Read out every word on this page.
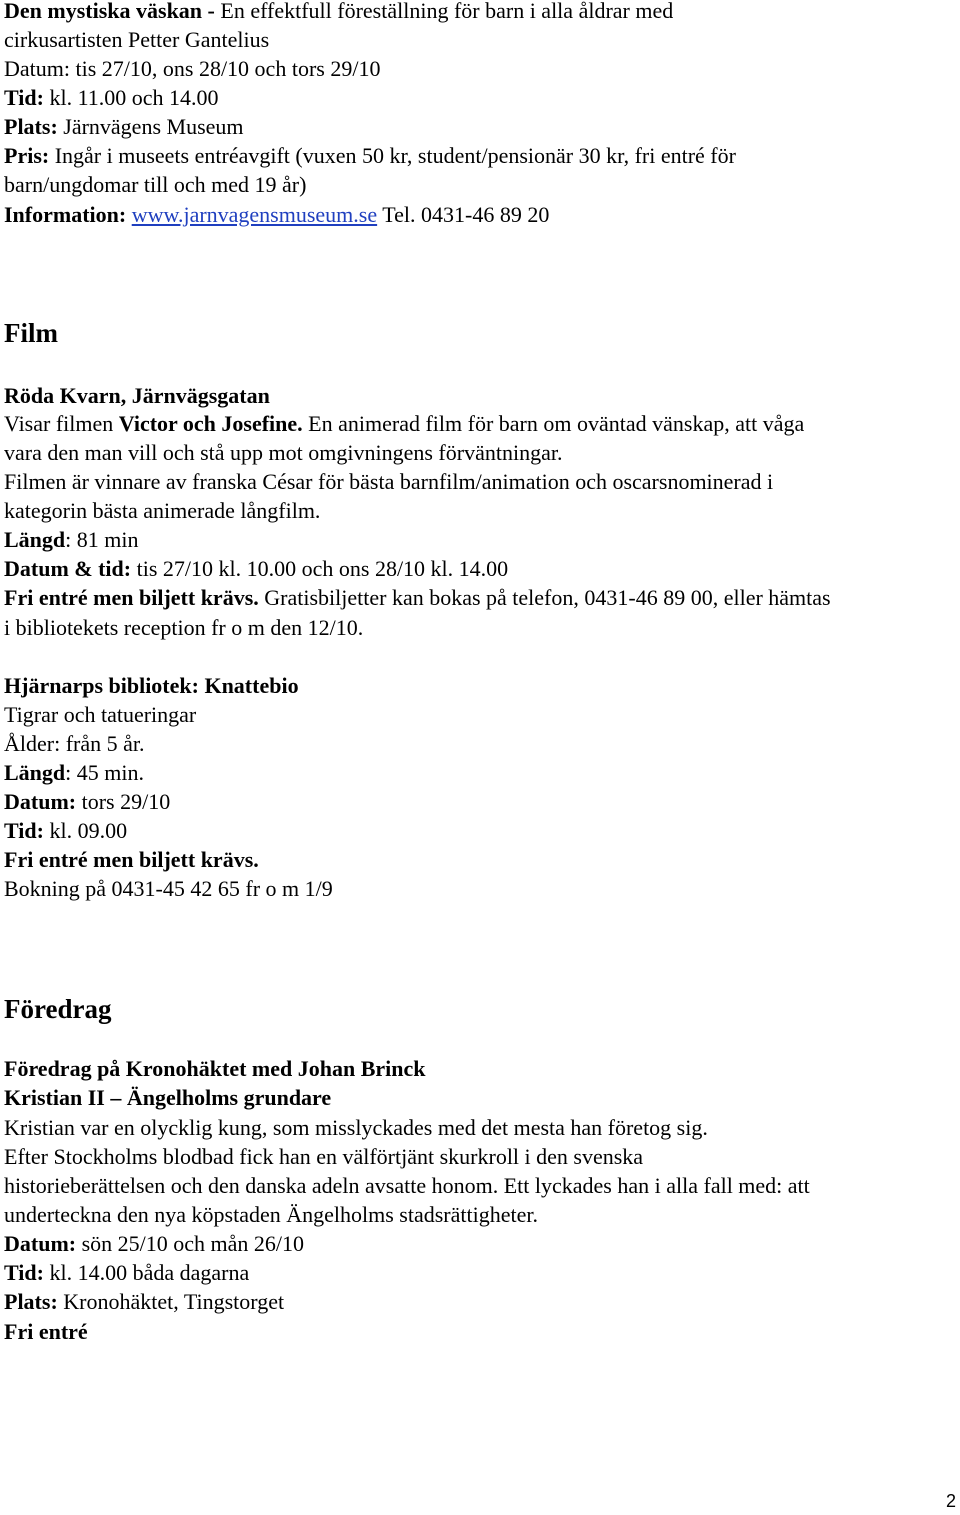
Den mystiska väskan - En effektfull föreställning för barn i alla åldrar med

cirkusartisten Petter Gantelius

Datum: tis 27/10, ons 28/10 och tors 29/10

Tid: kl. 11.00 och 14.00

Plats: Järnvägens Museum

Pris: Ingår i museets entréavgift (vuxen 50 kr, student/pensionär 30 kr, fri entré för

barn/ungdomar till och med 19 år)

Information: www.jarnvagensmuseum.se Tel. 0431-46 89 20

Film

Röda Kvarn, Järnvägsgatan

Visar filmen Victor och Josefine. En animerad film för barn om oväntad vänskap, att våga

vara den man vill och stå upp mot omgivningens förväntningar.

Filmen är vinnare av franska César för bästa barnfilm/animation och oscarsnominerad i

kategorin bästa animerade långfilm.

Längd: 81 min

Datum & tid: tis 27/10 kl. 10.00 och ons 28/10 kl. 14.00

Fri entré men biljett krävs. Gratisbiljetter kan bokas på telefon, 0431-46 89 00, eller hämtas

i bibliotekets reception fr o m den 12/10.

Hjärnarps bibliotek: Knattebio

Tigrar och tatueringar

Ålder: från 5 år.

Längd: 45 min.

Datum: tors 29/10

Tid: kl. 09.00

Fri entré men biljett krävs.

Bokning på 0431-45 42 65 fr o m 1/9

Föredrag

Föredrag på Kronohäktet med Johan Brinck

Kristian II – Ängelholms grundare

Kristian var en olycklig kung, som misslyckades med det mesta han företog sig.

Efter Stockholms blodbad fick han en välförtjänt skurkroll i den svenska

historieberättelsen och den danska adeln avsatte honom. Ett lyckades han i alla fall med: att

underteckna den nya köpstaden Ängelholms stadsrättigheter.

Datum: sön 25/10 och mån 26/10

Tid: kl. 14.00 båda dagarna

Plats: Kronohäktet, Tingstorget

Fri entré

2
